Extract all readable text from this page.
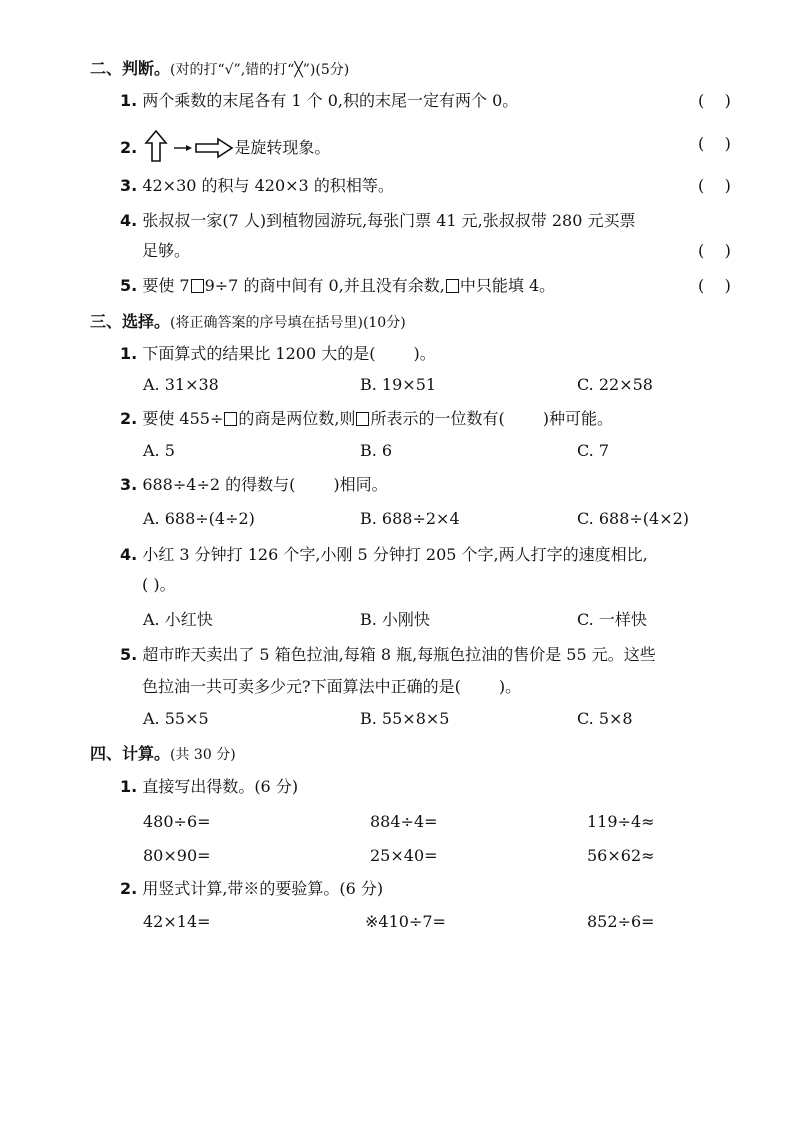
二、判断。(对的打“√”,错的打“╳”)(5分)
1. 两个乘数的末尾各有 1 个 0,积的末尾一定有两个 0。	(    )
2.	是旋转现象。	(    )
3. 42×30 的积与 420×3 的积相等。	(    )
4. 张叔叔一家(7 人)到植物园游玩,每张门票 41 元,张叔叔带 280 元买票
足够。	(    )
5. 要使 7 9÷7 的商中间有 0,并且没有余数, 中只能填 4。	(    )
三、选择。(将正确答案的序号填在括号里)(10分)
1. 下面算式的结果比 1200 大的是( )。
A. 31×38	B. 19×51	C. 22×58
2. 要使 455÷ 的商是两位数,则 所表示的一位数有( )种可能。
A. 5	B. 6	C. 7
3. 688÷4÷2 的得数与( )相同。
A. 688÷(4÷2)	B. 688÷2×4	C. 688÷(4×2)
4. 小红 3 分钟打 126 个字,小刚 5 分钟打 205 个字,两人打字的速度相比,
( )。
A. 小红快	B. 小刚快	C. 一样快
5. 超市昨天卖出了 5 箱色拉油,每箱 8 瓶,每瓶色拉油的售价是 55 元。这些
色拉油一共可卖多少元?下面算法中正确的是( )。
A. 55×5	B. 55×8×5	C. 5×8
四、计算。(共 30 分)
1. 直接写出得数。(6 分)
480÷6=	884÷4=	119÷4≈
80×90=	25×40=	56×62≈
2. 用竖式计算,带※的要验算。(6 分)
42×14=	※410÷7=	852÷6=
